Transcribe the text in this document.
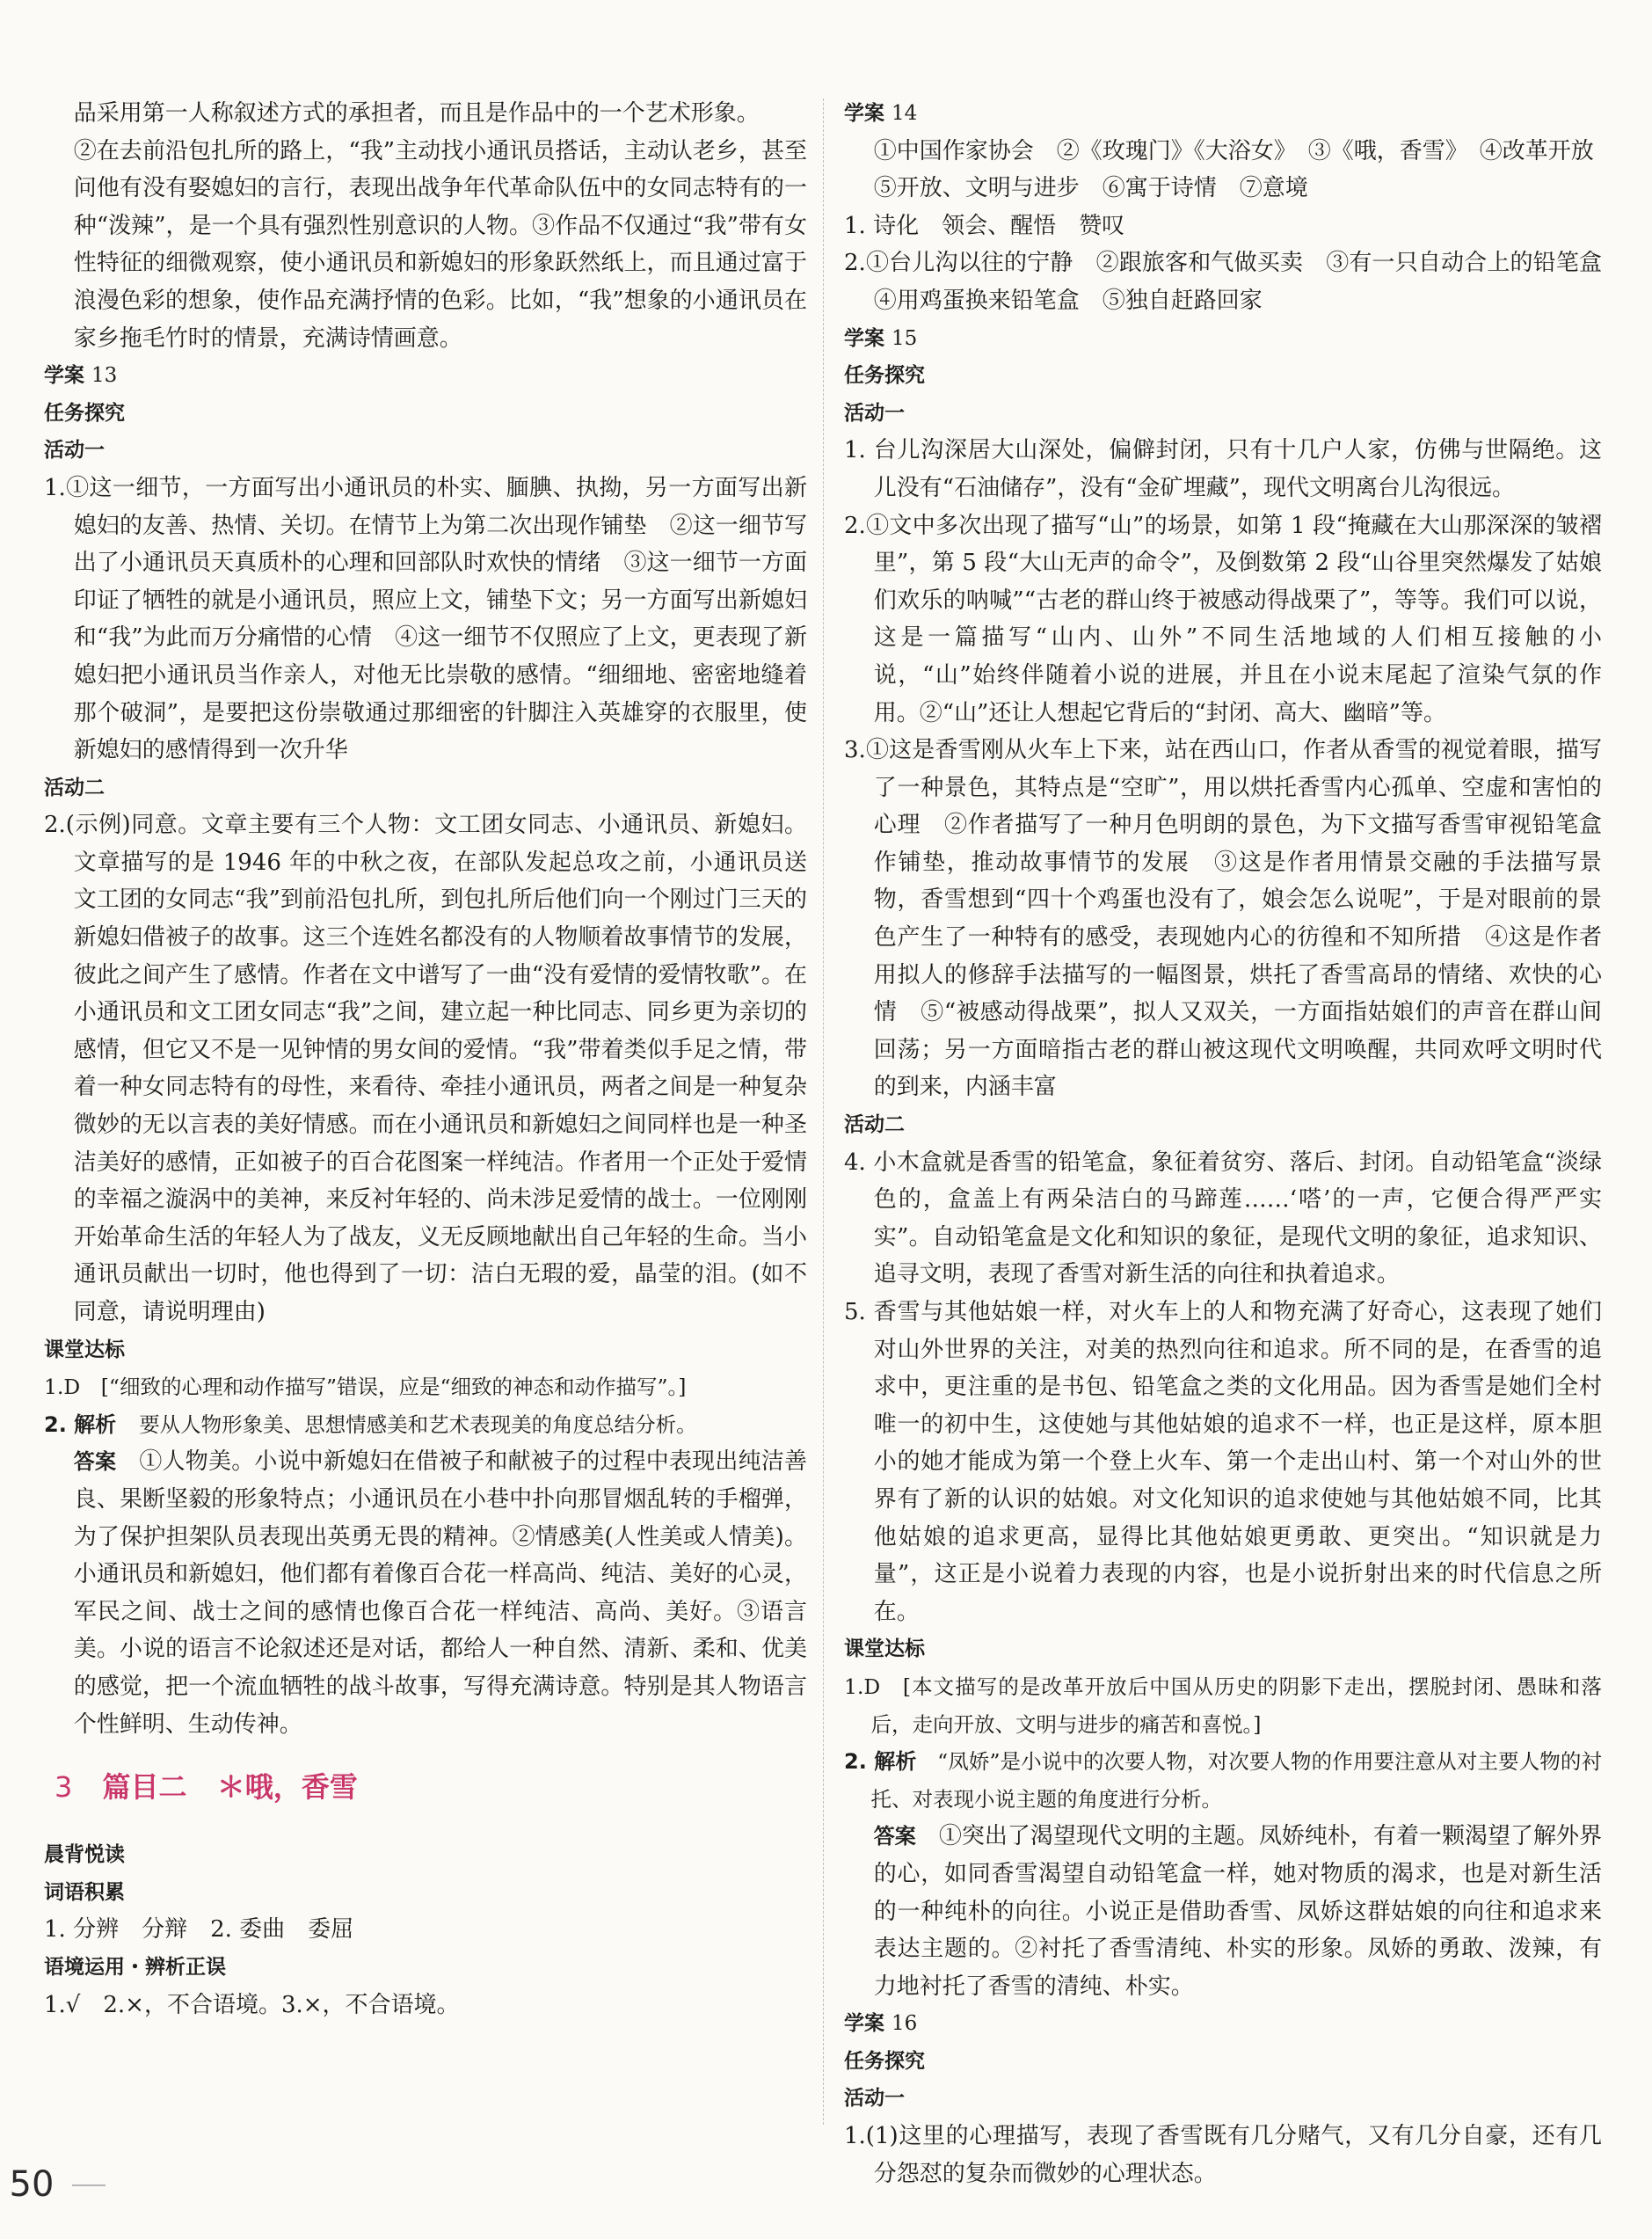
品采用第一人称叙述方式的承担者，而且是作品中的一个艺术形象。

②在去前沿包扎所的路上，“我”主动找小通讯员搭话，主动认老乡，甚至问他有没有娶媳妇的言行，表现出战争年代革命队伍中的女同志特有的一种“泼辣”，是一个具有强烈性别意识的人物。③作品不仅通过“我”带有女性特征的细微观察，使小通讯员和新媳妇的形象跃然纸上，而且通过富于浪漫色彩的想象，使作品充满抒情的色彩。比如，“我”想象的小通讯员在家乡拖毛竹时的情景，充满诗情画意。

学案 13

任务探究

活动一

1.①这一细节，一方面写出小通讯员的朴实、腼腆、执拗，另一方面写出新媳妇的友善、热情、关切。在情节上为第二次出现作铺垫　②这一细节写出了小通讯员天真质朴的心理和回部队时欢快的情绪　③这一细节一方面印证了牺牲的就是小通讯员，照应上文，铺垫下文；另一方面写出新媳妇和“我”为此而万分痛惜的心情　④这一细节不仅照应了上文，更表现了新媳妇把小通讯员当作亲人，对他无比崇敬的感情。“细细地、密密地缝着那个破洞”，是要把这份崇敬通过那细密的针脚注入英雄穿的衣服里，使新媳妇的感情得到一次升华

活动二

2.(示例)同意。文章主要有三个人物：文工团女同志、小通讯员、新媳妇。文章描写的是 1946 年的中秋之夜，在部队发起总攻之前，小通讯员送文工团的女同志“我”到前沿包扎所，到包扎所后他们向一个刚过门三天的新媳妇借被子的故事。这三个连姓名都没有的人物顺着故事情节的发展，彼此之间产生了感情。作者在文中谱写了一曲“没有爱情的爱情牧歌”。在小通讯员和文工团女同志“我”之间，建立起一种比同志、同乡更为亲切的感情，但它又不是一见钟情的男女间的爱情。“我”带着类似手足之情，带着一种女同志特有的母性，来看待、牵挂小通讯员，两者之间是一种复杂微妙的无以言表的美好情感。而在小通讯员和新媳妇之间同样也是一种圣洁美好的感情，正如被子的百合花图案一样纯洁。作者用一个正处于爱情的幸福之漩涡中的美神，来反衬年轻的、尚未涉足爱情的战士。一位刚刚开始革命生活的年轻人为了战友，义无反顾地献出自己年轻的生命。当小通讯员献出一切时，他也得到了一切：洁白无瑕的爱，晶莹的泪。(如不同意，请说明理由)

课堂达标

1.D　[“细致的心理和动作描写”错误，应是“细致的神态和动作描写”。]

2. 解析　 要从人物形象美、思想情感美和艺术表现美的角度总结分析。

答案　 ①人物美。小说中新媳妇在借被子和献被子的过程中表现出纯洁善良、果断坚毅的形象特点；小通讯员在小巷中扑向那冒烟乱转的手榴弹，为了保护担架队员表现出英勇无畏的精神。②情感美(人性美或人情美)。小通讯员和新媳妇，他们都有着像百合花一样高尚、纯洁、美好的心灵，军民之间、战士之间的感情也像百合花一样纯洁、高尚、美好。③语言美。小说的语言不论叙述还是对话，都给人一种自然、清新、柔和、优美的感觉，把一个流血牺牲的战斗故事，写得充满诗意。特别是其人物语言个性鲜明、生动传神。

3 篇目二 ＊哦，香雪

晨背悦读

词语积累

1. 分辨　分辩　2. 委曲　委屈

语境运用・辨析正误

1.√　2.×，不合语境。3.×，不合语境。

学案 14

①中国作家协会　②《玫瑰门》《大浴女》　③《哦，香雪》　④改革开放

⑤开放、文明与进步　⑥寓于诗情　⑦意境

1. 诗化　领会、醒悟　赞叹

2.①台儿沟以往的宁静　②跟旅客和气做买卖　③有一只自动合上的铅笔盒　④用鸡蛋换来铅笔盒　⑤独自赶路回家

学案 15

任务探究

活动一

1. 台儿沟深居大山深处，偏僻封闭，只有十几户人家，仿佛与世隔绝。这儿没有“石油储存”，没有“金矿埋藏”，现代文明离台儿沟很远。

2.①文中多次出现了描写“山”的场景，如第 1 段“掩藏在大山那深深的皱褶里”，第 5 段“大山无声的命令”，及倒数第 2 段“山谷里突然爆发了姑娘们欢乐的呐喊”“古老的群山终于被感动得战栗了”，等等。我们可以说，这是一篇描写“山内、山外”不同生活地域的人们相互接触的小说，“山”始终伴随着小说的进展，并且在小说末尾起了渲染气氛的作用。②“山”还让人想起它背后的“封闭、高大、幽暗”等。

3.①这是香雪刚从火车上下来，站在西山口，作者从香雪的视觉着眼，描写了一种景色，其特点是“空旷”，用以烘托香雪内心孤单、空虚和害怕的心理　②作者描写了一种月色明朗的景色，为下文描写香雪审视铅笔盒作铺垫，推动故事情节的发展　③这是作者用情景交融的手法描写景物，香雪想到“四十个鸡蛋也没有了，娘会怎么说呢”，于是对眼前的景色产生了一种特有的感受，表现她内心的彷徨和不知所措　④这是作者用拟人的修辞手法描写的一幅图景，烘托了香雪高昂的情绪、欢快的心情　⑤“被感动得战栗”，拟人又双关，一方面指姑娘们的声音在群山间回荡；另一方面暗指古老的群山被这现代文明唤醒，共同欢呼文明时代的到来，内涵丰富

活动二

4. 小木盒就是香雪的铅笔盒，象征着贫穷、落后、封闭。自动铅笔盒“淡绿色的，盒盖上有两朵洁白的马蹄莲……‘嗒’的一声，它便合得严严实实”。自动铅笔盒是文化和知识的象征，是现代文明的象征，追求知识、追寻文明，表现了香雪对新生活的向往和执着追求。

5. 香雪与其他姑娘一样，对火车上的人和物充满了好奇心，这表现了她们对山外世界的关注，对美的热烈向往和追求。所不同的是，在香雪的追求中，更注重的是书包、铅笔盒之类的文化用品。因为香雪是她们全村唯一的初中生，这使她与其他姑娘的追求不一样，也正是这样，原本胆小的她才能成为第一个登上火车、第一个走出山村、第一个对山外的世界有了新的认识的姑娘。对文化知识的追求使她与其他姑娘不同，比其他姑娘的追求更高，显得比其他姑娘更勇敢、更突出。“知识就是力量”，这正是小说着力表现的内容，也是小说折射出来的时代信息之所在。

课堂达标

1.D　[本文描写的是改革开放后中国从历史的阴影下走出，摆脱封闭、愚昧和落后，走向开放、文明与进步的痛苦和喜悦。]

2. 解析　 “凤娇”是小说中的次要人物，对次要人物的作用要注意从对主要人物的衬托、对表现小说主题的角度进行分析。

答案　 ①突出了渴望现代文明的主题。凤娇纯朴，有着一颗渴望了解外界的心，如同香雪渴望自动铅笔盒一样，她对物质的渴求，也是对新生活的一种纯朴的向往。小说正是借助香雪、凤娇这群姑娘的向往和追求来表达主题的。②衬托了香雪清纯、朴实的形象。凤娇的勇敢、泼辣，有力地衬托了香雪的清纯、朴实。

学案 16

任务探究

活动一

1.(1)这里的心理描写，表现了香雪既有几分赌气，又有几分自豪，还有几分怨怼的复杂而微妙的心理状态。

50
